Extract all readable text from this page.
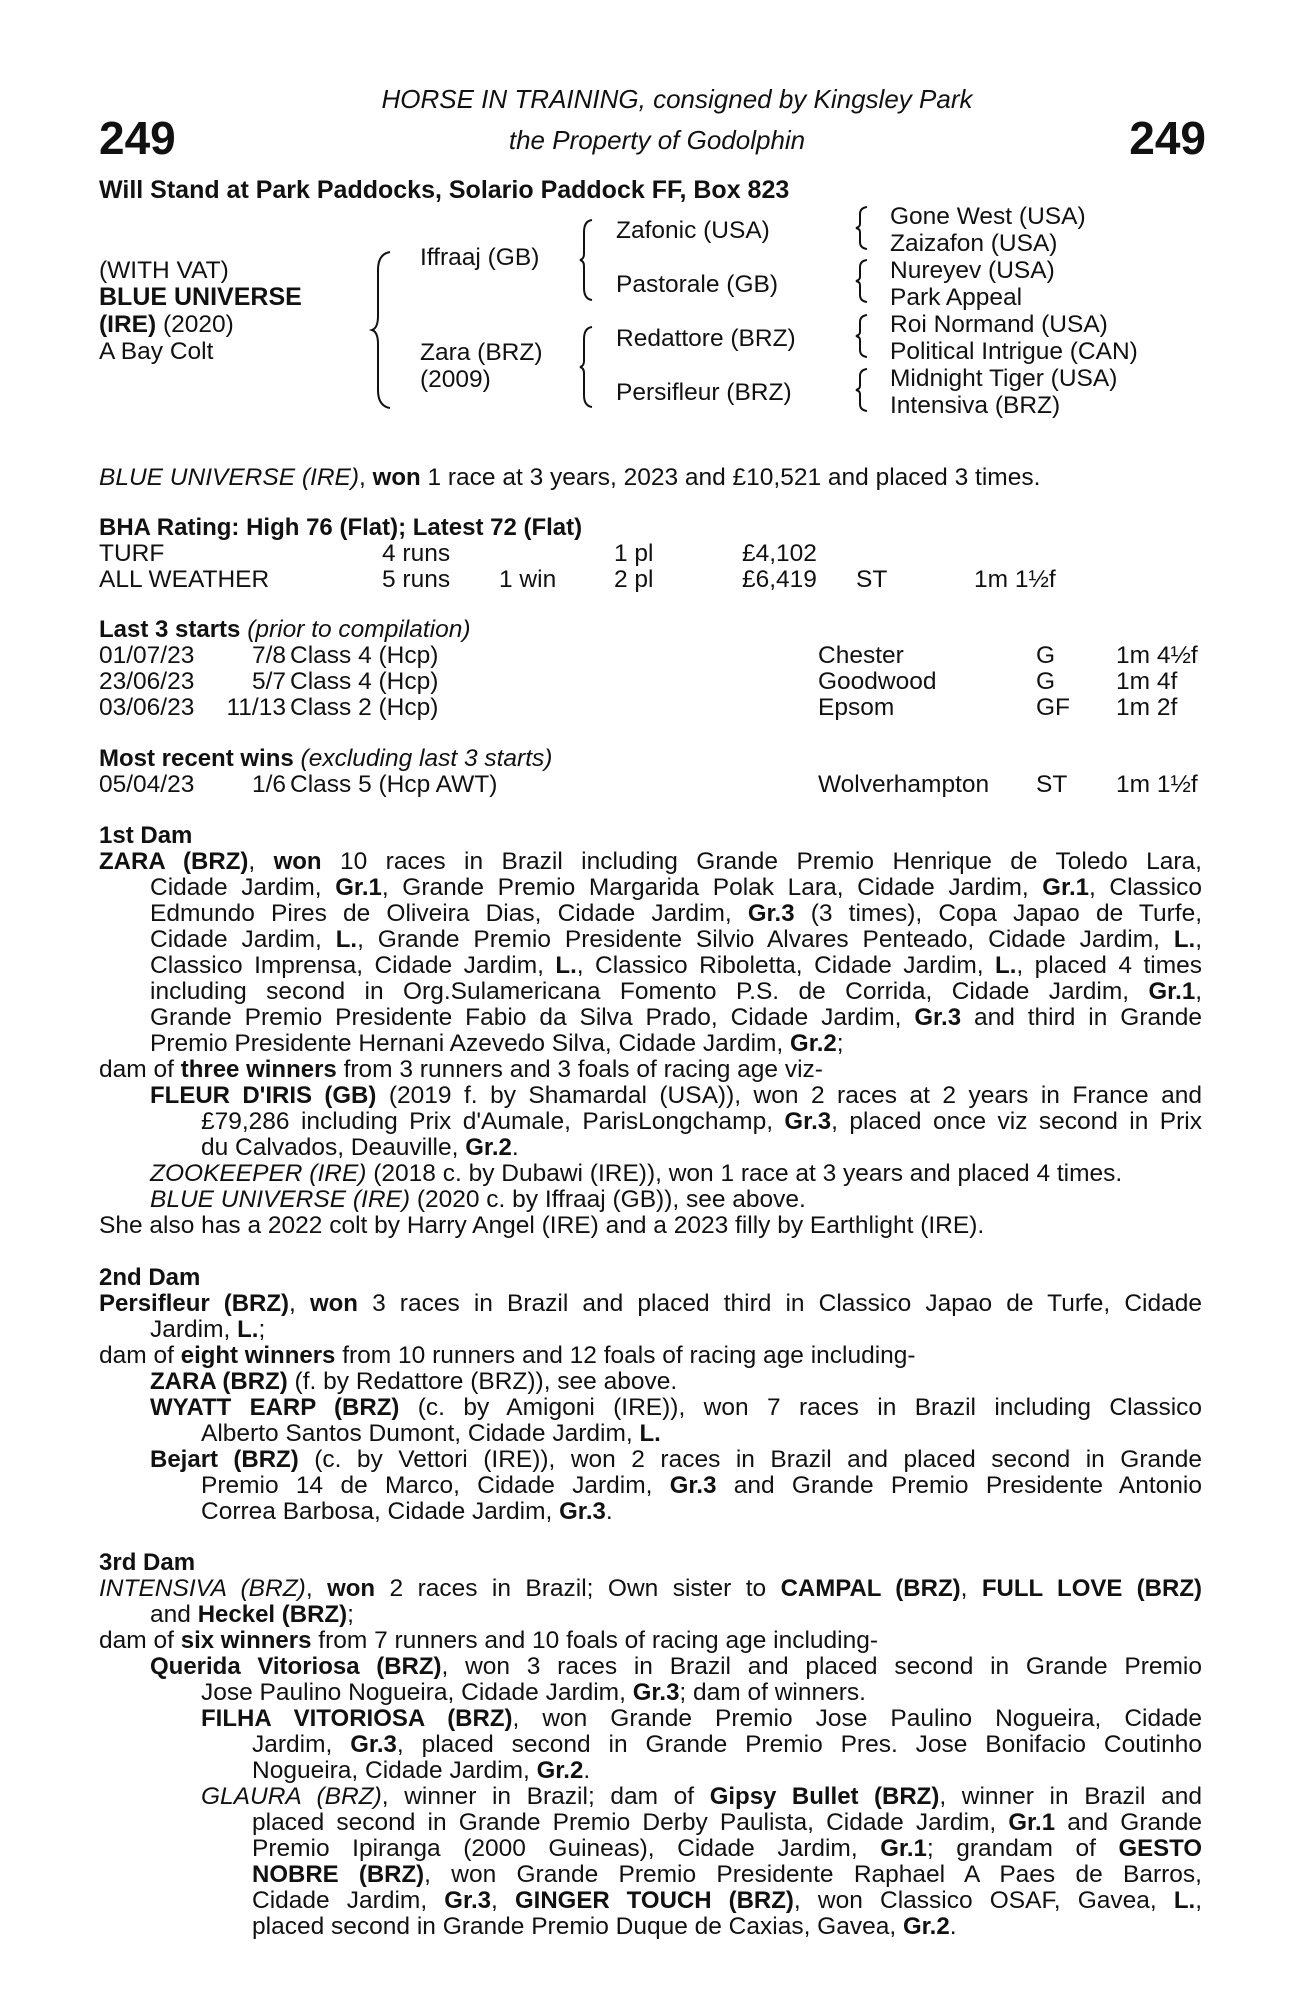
249	249
HORSE IN TRAINING, consigned by Kingsley Park
the Property of Godolphin
Will Stand at Park Paddocks, Solario Paddock FF, Box 823
(WITH VAT)
BLUE UNIVERSE
(IRE) (2020)
A Bay Colt
Iffraaj (GB)
Zara (BRZ)
(2009)
Zafonic (USA)
Pastorale (GB)
Redattore (BRZ)
Persifleur (BRZ)
Gone West (USA)
Zaizafon (USA)
Nureyev (USA)
Park Appeal
Roi Normand (USA)
Political Intrigue (CAN)
Midnight Tiger (USA)
Intensiva (BRZ)
BLUE UNIVERSE (IRE), won 1 race at 3 years, 2023 and £10,521 and placed 3 times.
BHA Rating: High 76 (Flat); Latest 72 (Flat)
TURF	4 runs	1 pl	£4,102
ALL WEATHER	5 runs 1 win 2 pl	£6,419 ST	1m 1½f
Last 3 starts (prior to compilation)
01/07/23	7/8 Class 4 (Hcp)	Chester	G 1m 4½f
23/06/23	5/7 Class 4 (Hcp)	Goodwood	G 1m 4f
03/06/23	11/13 Class 2 (Hcp)	Epsom	GF 1m 2f
Most recent wins (excluding last 3 starts)
05/04/23	1/6 Class 5 (Hcp AWT)	Wolverhampton ST 1m 1½f
1st Dam
ZARA (BRZ), won 10 races in Brazil including Grande Premio Henrique de Toledo Lara,
Cidade Jardim, Gr.1, Grande Premio Margarida Polak Lara, Cidade Jardim, Gr.1, Classico
Edmundo Pires de Oliveira Dias, Cidade Jardim, Gr.3 (3 times), Copa Japao de Turfe,
Cidade Jardim, L., Grande Premio Presidente Silvio Alvares Penteado, Cidade Jardim, L.,
Classico Imprensa, Cidade Jardim, L., Classico Riboletta, Cidade Jardim, L., placed 4 times
including second in Org.Sulamericana Fomento P.S. de Corrida, Cidade Jardim, Gr.1,
Grande Premio Presidente Fabio da Silva Prado, Cidade Jardim, Gr.3 and third in Grande
Premio Presidente Hernani Azevedo Silva, Cidade Jardim, Gr.2;
dam of three winners from 3 runners and 3 foals of racing age viz-
FLEUR D'IRIS (GB) (2019 f. by Shamardal (USA)), won 2 races at 2 years in France and
£79,286 including Prix d'Aumale, ParisLongchamp, Gr.3, placed once viz second in Prix
du Calvados, Deauville, Gr.2.
ZOOKEEPER (IRE) (2018 c. by Dubawi (IRE)), won 1 race at 3 years and placed 4 times.
BLUE UNIVERSE (IRE) (2020 c. by Iffraaj (GB)), see above.
She also has a 2022 colt by Harry Angel (IRE) and a 2023 filly by Earthlight (IRE).
2nd Dam
Persifleur (BRZ), won 3 races in Brazil and placed third in Classico Japao de Turfe, Cidade
Jardim, L.;
dam of eight winners from 10 runners and 12 foals of racing age including-
ZARA (BRZ) (f. by Redattore (BRZ)), see above.
WYATT EARP (BRZ) (c. by Amigoni (IRE)), won 7 races in Brazil including Classico
Alberto Santos Dumont, Cidade Jardim, L.
Bejart (BRZ) (c. by Vettori (IRE)), won 2 races in Brazil and placed second in Grande
Premio 14 de Marco, Cidade Jardim, Gr.3 and Grande Premio Presidente Antonio
Correa Barbosa, Cidade Jardim, Gr.3.
3rd Dam
INTENSIVA (BRZ), won 2 races in Brazil; Own sister to CAMPAL (BRZ), FULL LOVE (BRZ)
and Heckel (BRZ);
dam of six winners from 7 runners and 10 foals of racing age including-
Querida Vitoriosa (BRZ), won 3 races in Brazil and placed second in Grande Premio
Jose Paulino Nogueira, Cidade Jardim, Gr.3; dam of winners.
FILHA VITORIOSA (BRZ), won Grande Premio Jose Paulino Nogueira, Cidade
Jardim, Gr.3, placed second in Grande Premio Pres. Jose Bonifacio Coutinho
Nogueira, Cidade Jardim, Gr.2.
GLAURA (BRZ), winner in Brazil; dam of Gipsy Bullet (BRZ), winner in Brazil and
placed second in Grande Premio Derby Paulista, Cidade Jardim, Gr.1 and Grande
Premio Ipiranga (2000 Guineas), Cidade Jardim, Gr.1; grandam of GESTO
NOBRE (BRZ), won Grande Premio Presidente Raphael A Paes de Barros,
Cidade Jardim, Gr.3, GINGER TOUCH (BRZ), won Classico OSAF, Gavea, L.,
placed second in Grande Premio Duque de Caxias, Gavea, Gr.2.
